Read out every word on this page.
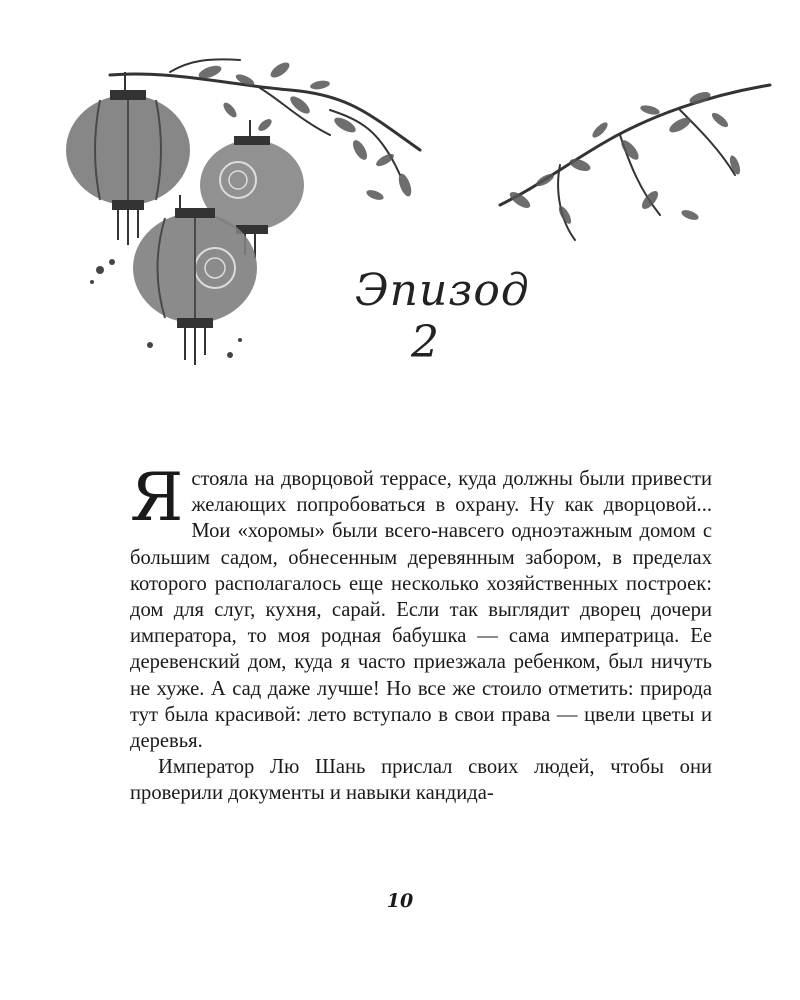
Эпизод
2

Я стояла на дворцовой террасе, куда должны были привести желающих попробоваться в охрану. Ну как дворцовой... Мои «хоромы» были всего-навсего одноэтажным домом с большим садом, обнесенным деревянным забором, в пределах которого располагалось еще несколько хозяйственных построек: дом для слуг, кухня, сарай. Если так выглядит дворец дочери императора, то моя родная бабушка — сама императрица. Ее деревенский дом, куда я часто приезжала ребенком, был ничуть не хуже. А сад даже лучше! Но все же стоило отметить: природа тут была красивой: лето вступало в свои права — цвели цветы и деревья.

Император Лю Шань прислал своих людей, чтобы они проверили документы и навыки кандида-

10
